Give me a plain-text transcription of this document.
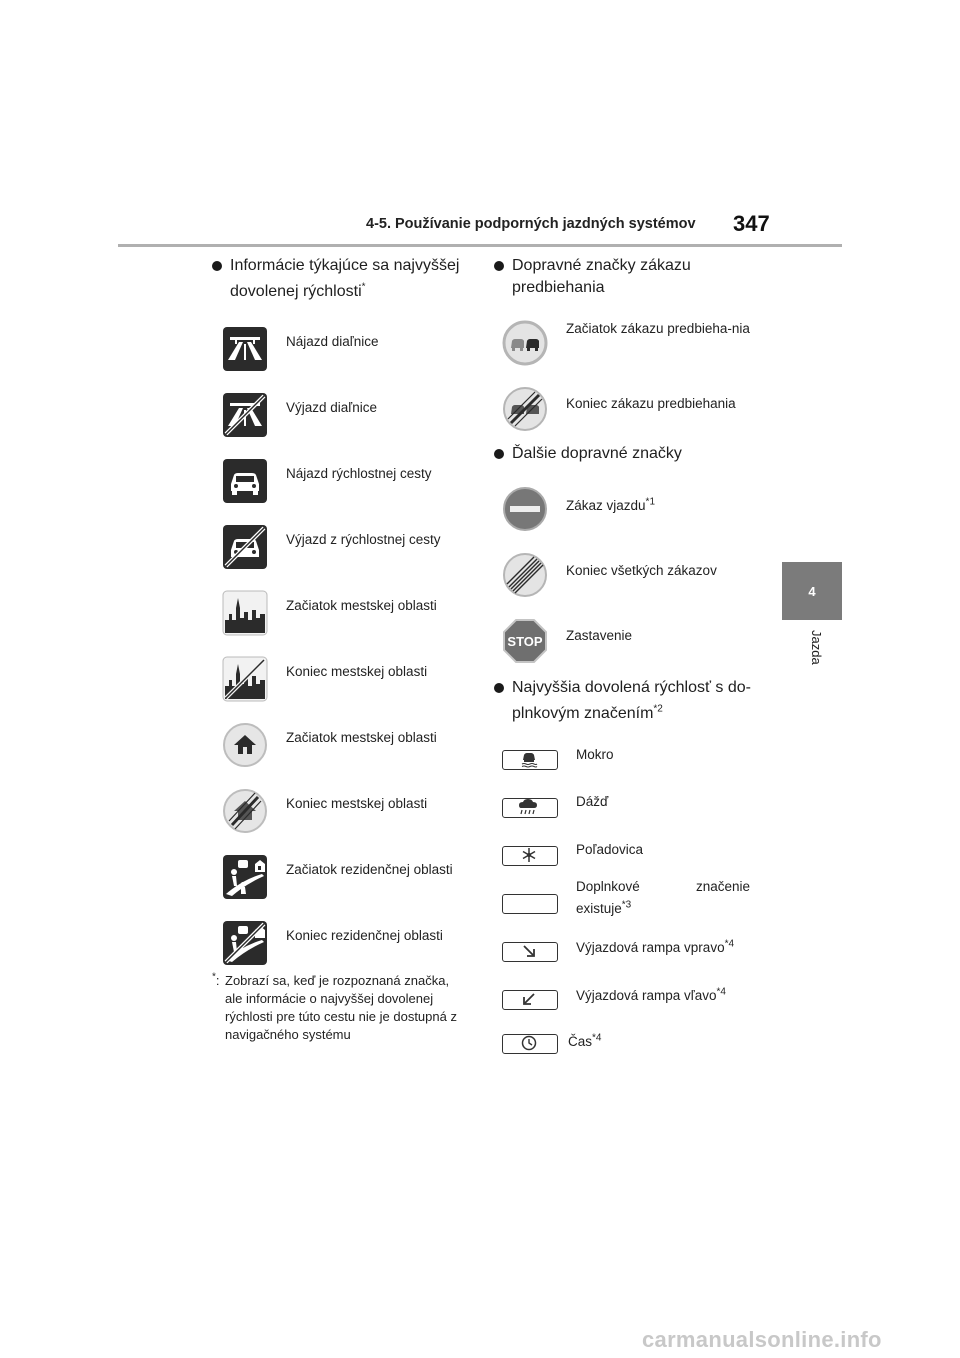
4-5. Používanie podporných jazdných systémov 347
4
Jazda
Informácie týkajúce sa najvyššej
dovolenej rýchlosti*
Nájazd diaľnice
Výjazd diaľnice
Nájazd rýchlostnej cesty
Výjazd z rýchlostnej cesty
Začiatok mestskej oblasti
Koniec mestskej oblasti
Začiatok mestskej oblasti
Koniec mestskej oblasti
Začiatok rezidenčnej oblasti
Koniec rezidenčnej oblasti
*: Zobrazí sa, keď je rozpoznaná značka, ale informácie o najvyššej dovolenej rýchlosti pre túto cestu nie je dostupná z navigačného systému
Dopravné značky zákazu
predbiehania
Začiatok zákazu predbieha-nia
Koniec zákazu predbiehania
Ďalšie dopravné značky
Zákaz vjazdu$^{*1}$
Koniec všetkých zákazov
STOP Zastavenie
Najvyššia dovolená rýchlosť s do-
plnkovým značením$^{*2}$
Mokro
Dážď
Poľadovica
Doplnkové značenie existuje$^{*3}$
Výjazdová rampa vpravo$^{*4}$
Výjazdová rampa vľavo$^{*4}$
Čas$^{*4}$
carmanualsonline.info
